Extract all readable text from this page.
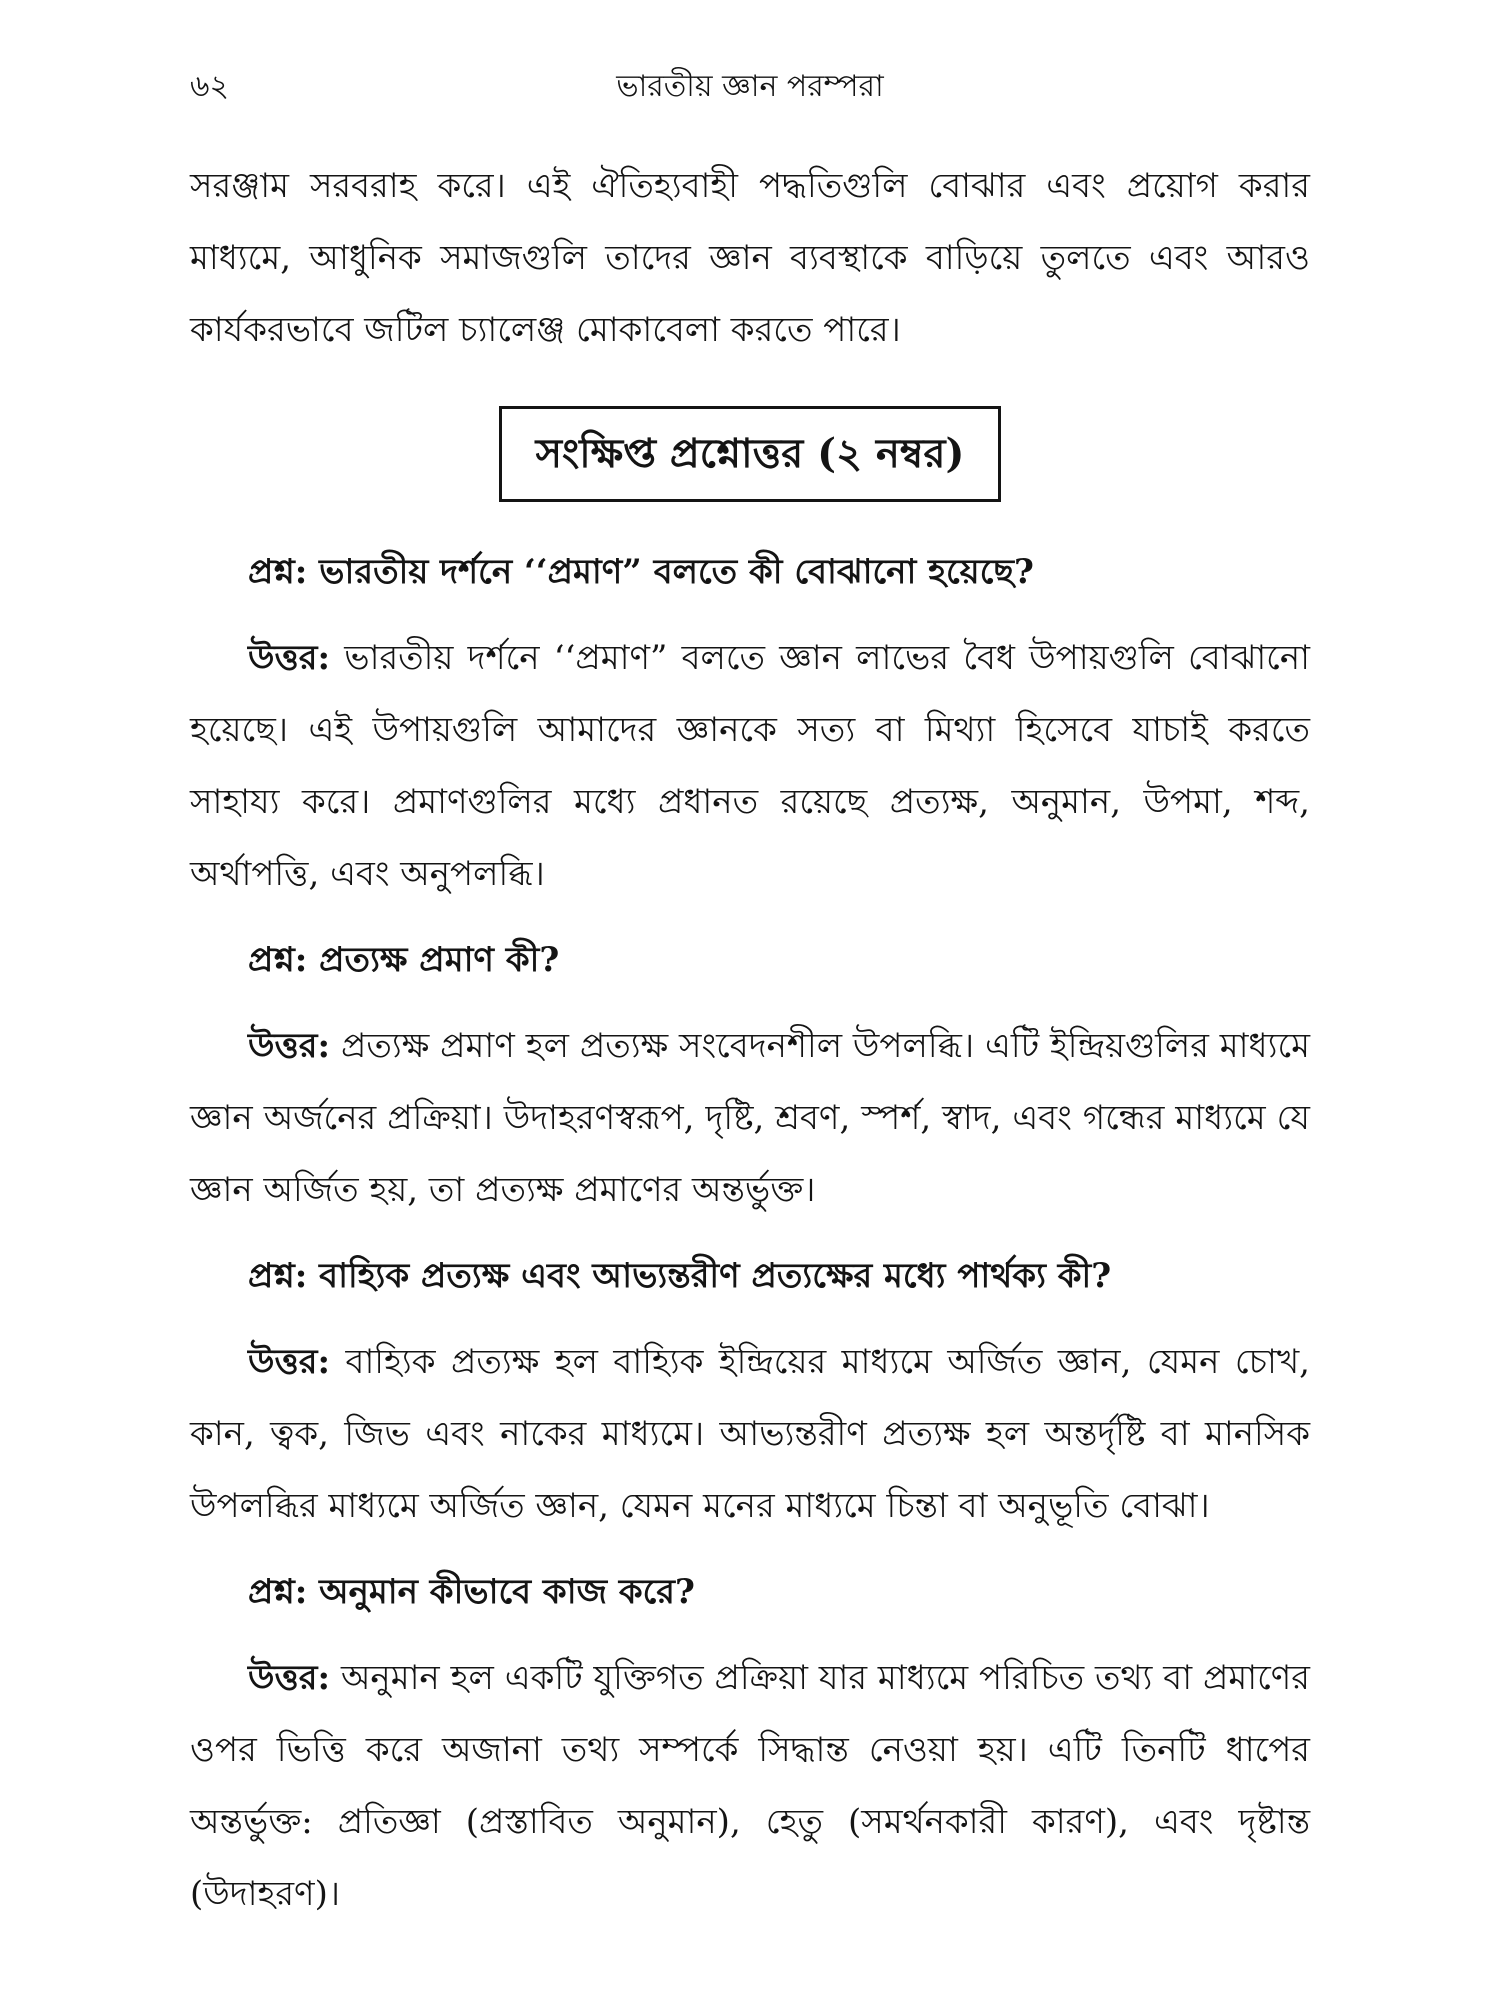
৬২	ভারতীয় জ্ঞান পরম্পরা

সরঞ্জাম সরবরাহ করে। এই ঐতিহ্যবাহী পদ্ধতিগুলি বোঝার এবং প্রয়োগ করার মাধ্যমে, আধুনিক সমাজগুলি তাদের জ্ঞান ব্যবস্থাকে বাড়িয়ে তুলতে এবং আরও কার্যকরভাবে জটিল চ্যালেঞ্জ মোকাবেলা করতে পারে।

সংক্ষিপ্ত প্রশ্নোত্তর (২ নম্বর)

প্রশ্ন: ভারতীয় দর্শনে ‘‘প্রমাণ” বলতে কী বোঝানো হয়েছে?

উত্তর: ভারতীয় দর্শনে ‘‘প্রমাণ” বলতে জ্ঞান লাভের বৈধ উপায়গুলি বোঝানো হয়েছে। এই উপায়গুলি আমাদের জ্ঞানকে সত্য বা মিথ্যা হিসেবে যাচাই করতে সাহায্য করে। প্রমাণগুলির মধ্যে প্রধানত রয়েছে প্রত্যক্ষ, অনুমান, উপমা, শব্দ, অর্থাপত্তি, এবং অনুপলব্ধি।

প্রশ্ন: প্রত্যক্ষ প্রমাণ কী?

উত্তর: প্রত্যক্ষ প্রমাণ হল প্রত্যক্ষ সংবেদনশীল উপলব্ধি। এটি ইন্দ্রিয়গুলির মাধ্যমে জ্ঞান অর্জনের প্রক্রিয়া। উদাহরণস্বরূপ, দৃষ্টি, শ্রবণ, স্পর্শ, স্বাদ, এবং গন্ধের মাধ্যমে যে জ্ঞান অর্জিত হয়, তা প্রত্যক্ষ প্রমাণের অন্তর্ভুক্ত।

প্রশ্ন: বাহ্যিক প্রত্যক্ষ এবং আভ্যন্তরীণ প্রত্যক্ষের মধ্যে পার্থক্য কী?

উত্তর: বাহ্যিক প্রত্যক্ষ হল বাহ্যিক ইন্দ্রিয়ের মাধ্যমে অর্জিত জ্ঞান, যেমন চোখ, কান, ত্বক, জিভ এবং নাকের মাধ্যমে। আভ্যন্তরীণ প্রত্যক্ষ হল অন্তর্দৃষ্টি বা মানসিক উপলব্ধির মাধ্যমে অর্জিত জ্ঞান, যেমন মনের মাধ্যমে চিন্তা বা অনুভূতি বোঝা।

প্রশ্ন: অনুমান কীভাবে কাজ করে?

উত্তর: অনুমান হল একটি যুক্তিগত প্রক্রিয়া যার মাধ্যমে পরিচিত তথ্য বা প্রমাণের ওপর ভিত্তি করে অজানা তথ্য সম্পর্কে সিদ্ধান্ত নেওয়া হয়। এটি তিনটি ধাপের অন্তর্ভুক্ত: প্রতিজ্ঞা (প্রস্তাবিত অনুমান), হেতু (সমর্থনকারী কারণ), এবং দৃষ্টান্ত (উদাহরণ)।
